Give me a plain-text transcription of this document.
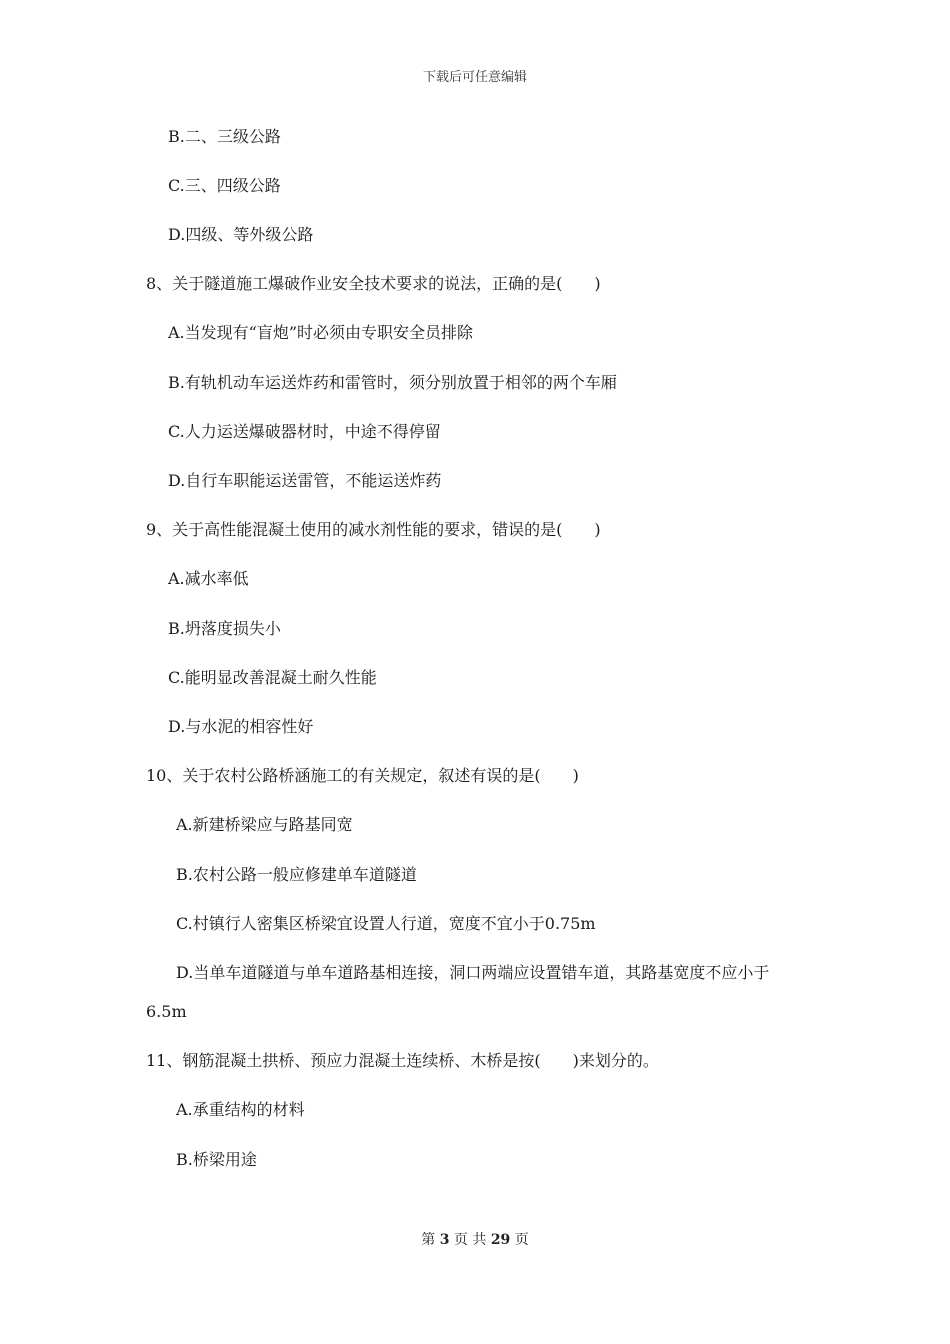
下载后可任意编辑
B.二、三级公路
C.三、四级公路
D.四级、等外级公路
8、关于隧道施工爆破作业安全技术要求的说法，正确的是(　　)
A.当发现有“盲炮”时必须由专职安全员排除
B.有轨机动车运送炸药和雷管时，须分别放置于相邻的两个车厢
C.人力运送爆破器材时，中途不得停留
D.自行车职能运送雷管，不能运送炸药
9、关于高性能混凝土使用的减水剂性能的要求，错误的是(　　)
A.减水率低
B.坍落度损失小
C.能明显改善混凝土耐久性能
D.与水泥的相容性好
10、关于农村公路桥涵施工的有关规定，叙述有误的是(　　)
A.新建桥梁应与路基同宽
B.农村公路一般应修建单车道隧道
C.村镇行人密集区桥梁宜设置人行道，宽度不宜小于0.75m
D.当单车道隧道与单车道路基相连接，洞口两端应设置错车道，其路基宽度不应小于
6.5m
11、钢筋混凝土拱桥、预应力混凝土连续桥、木桥是按(　　)来划分的。
A.承重结构的材料
B.桥梁用途
第 3 页 共 29 页
